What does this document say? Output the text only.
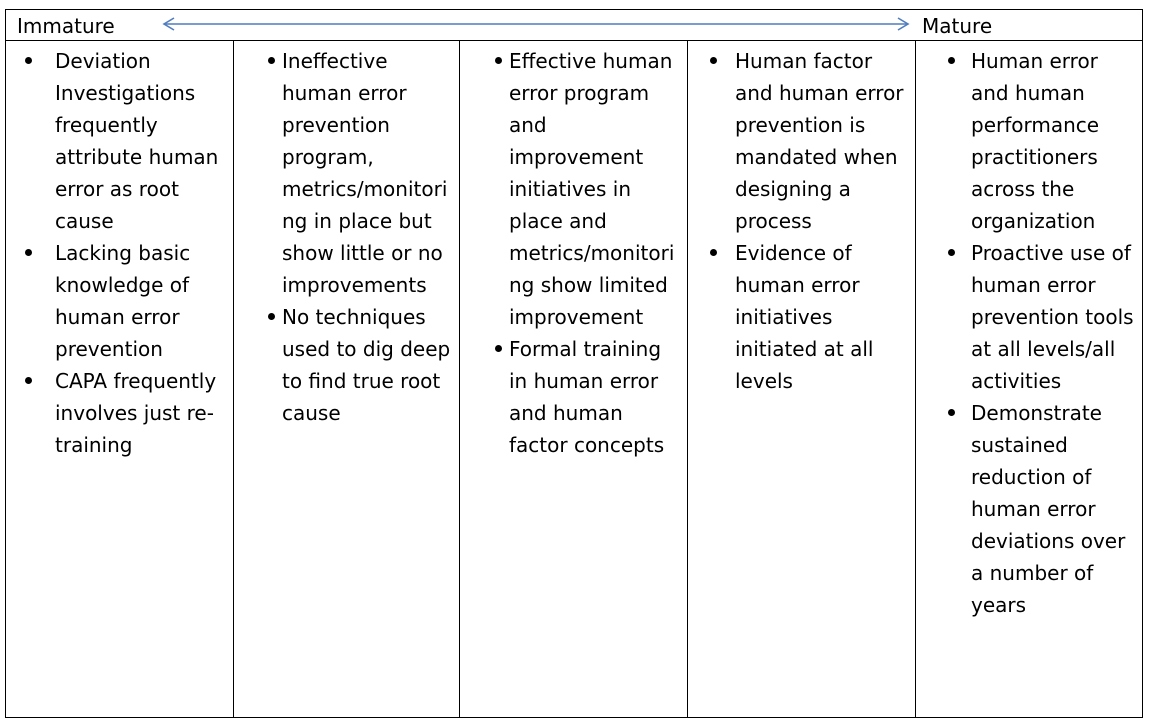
Immature	Mature
Deviation Investigations frequently attribute human error as root cause
Lacking basic knowledge of human error prevention
CAPA frequently involves just re-training
Ineffective human error prevention program, metrics/monitoring in place but show little or no improvements
No techniques used to dig deep to find true root cause
Effective human error program and improvement initiatives in place and metrics/monitoring show limited improvement
Formal training in human error and human factor concepts
Human factor and human error prevention is mandated when designing a process
Evidence of human error initiatives initiated at all levels
Human error and human performance practitioners across the organization
Proactive use of human error prevention tools at all levels/all activities
Demonstrate sustained reduction of human error deviations over a number of years
